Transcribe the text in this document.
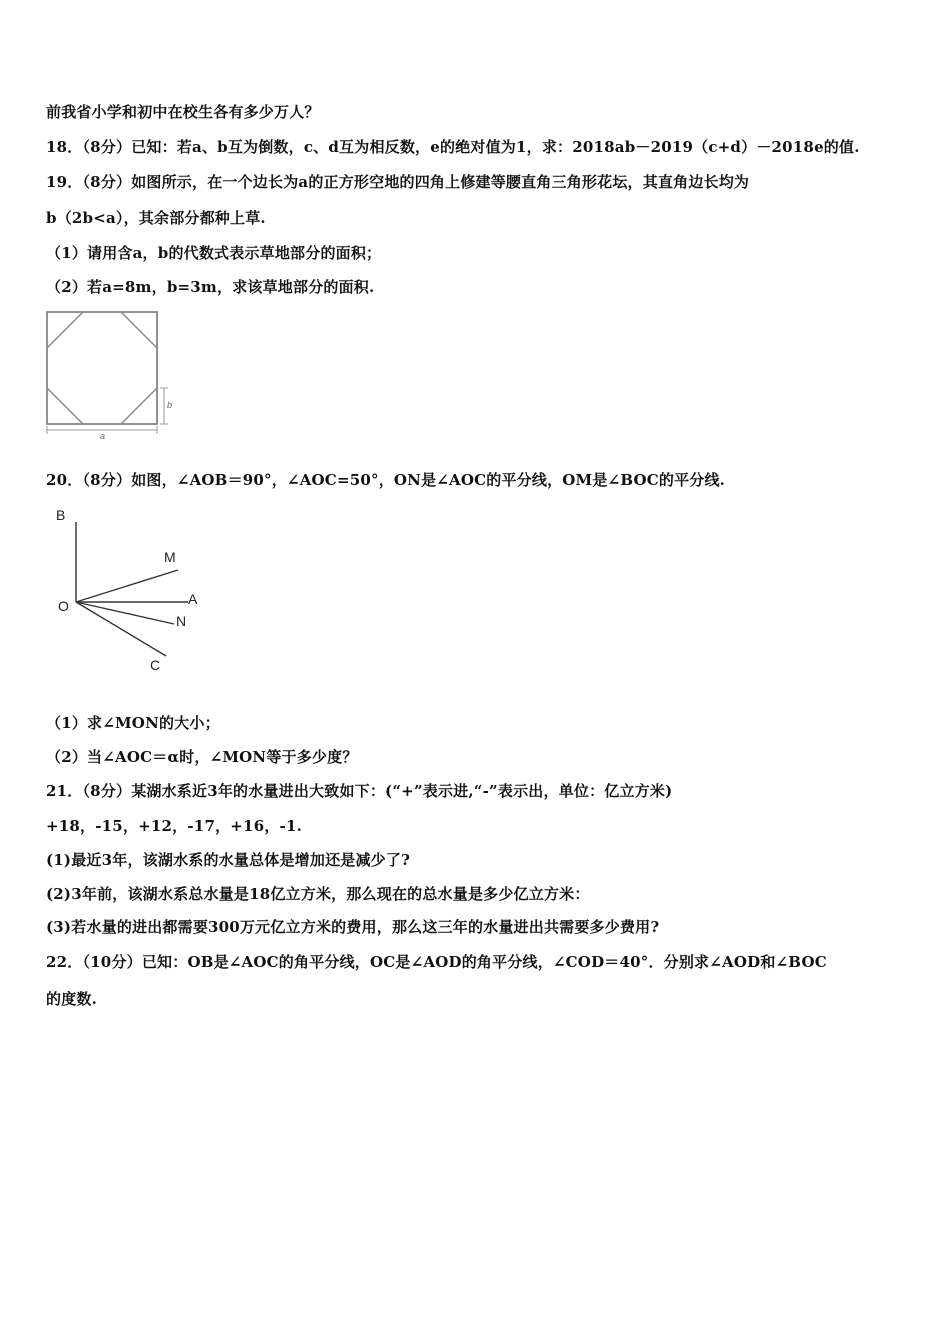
前我省小学和初中在校生各有多少万人？
18．（8分）已知：若a、b互为倒数，c、d互为相反数，e的绝对值为1，求：2018ab－2019（c+d）－2018e的值.
19．（8分）如图所示，在一个边长为a的正方形空地的四角上修建等腰直角三角形花坛，其直角边长均为
b（2b<a），其余部分都种上草.
（1）请用含a，b的代数式表示草地部分的面积；
（2）若a=8m，b=3m，求该草地部分的面积.
b
a
20．（8分）如图，∠AOB＝90°，∠AOC=50°，ON是∠AOC的平分线，OM是∠BOC的平分线.
B
M
O	A
N
C
（1）求∠MON的大小；
（2）当∠AOC＝α时，∠MON等于多少度？
21．（8分）某湖水系近3年的水量进出大致如下：(“+”表示进,“-”表示出，单位：亿立方米)
+18，-15，+12，-17，+16，-1.
(1)最近3年，该湖水系的水量总体是增加还是减少了?
(2)3年前，该湖水系总水量是18亿立方米，那么现在的总水量是多少亿立方米：
(3)若水量的进出都需要300万元亿立方米的费用，那么这三年的水量进出共需要多少费用?
22．（10分）已知：OB是∠AOC的角平分线，OC是∠AOD的角平分线，∠COD＝40°．分别求∠AOD和∠BOC
的度数.
